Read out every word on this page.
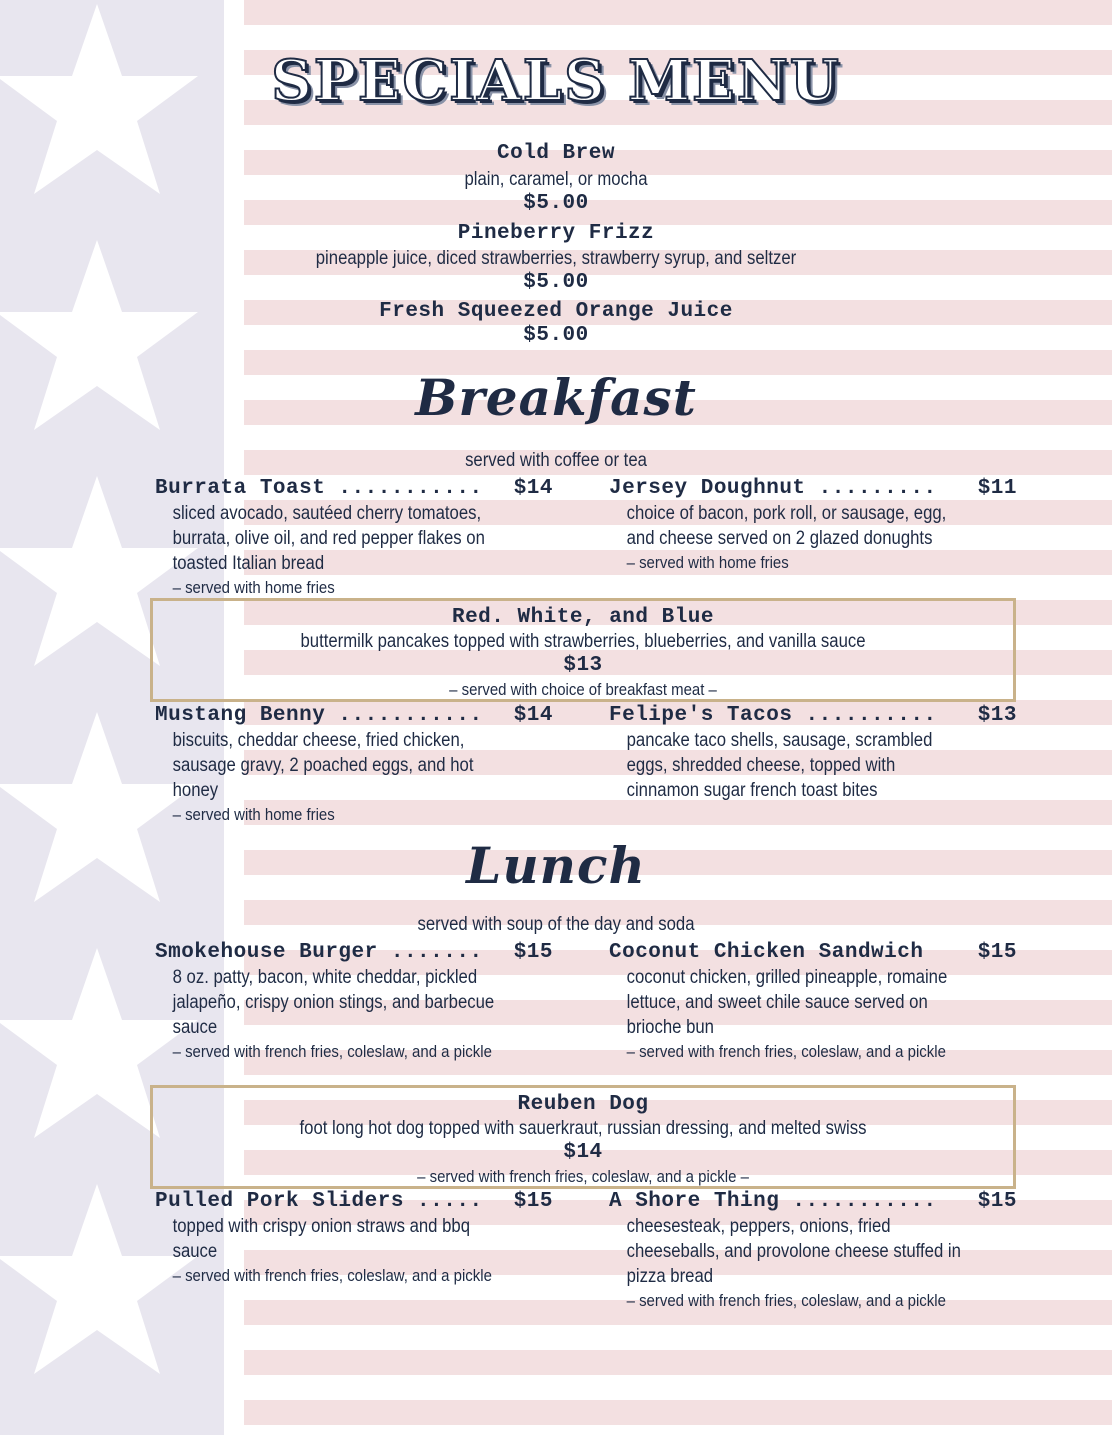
SPECIALS MENU
Cold Brew
plain, caramel, or mocha
$5.00
Pineberry Frizz
pineapple juice, diced strawberries, strawberry syrup, and seltzer
$5.00
Fresh Squeezed Orange Juice
$5.00
Breakfast
served with coffee or tea
Burrata Toast ........... $14
sliced avocado, sautéed cherry tomatoes, burrata, olive oil, and red pepper flakes on toasted Italian bread
– served with home fries
Jersey Doughnut ......... $11
choice of bacon, pork roll, or sausage, egg, and cheese served on 2 glazed donughts
– served with home fries
Red. White, and Blue
buttermilk pancakes topped with strawberries, blueberries, and vanilla sauce
$13
– served with choice of breakfast meat –
Mustang Benny ........... $14
biscuits, cheddar cheese, fried chicken, sausage gravy, 2 poached eggs, and hot honey
– served with home fries
Felipe's Tacos .......... $13
pancake taco shells, sausage, scrambled eggs, shredded cheese, topped with cinnamon sugar french toast bites
Lunch
served with soup of the day and soda
Smokehouse Burger ....... $15
8 oz. patty, bacon, white cheddar, pickled jalapeño, crispy onion stings, and barbecue sauce
– served with french fries, coleslaw, and a pickle
Coconut Chicken Sandwich	$15
coconut chicken, grilled pineapple, romaine lettuce, and sweet chile sauce served on brioche bun
– served with french fries, coleslaw, and a pickle
Reuben Dog
foot long hot dog topped with sauerkraut, russian dressing, and melted swiss
$14
– served with french fries, coleslaw, and a pickle –
Pulled Pork Sliders ..... $15
topped with crispy onion straws and bbq sauce
– served with french fries, coleslaw, and a pickle
A Shore Thing ........... $15
cheesesteak, peppers, onions, fried cheeseballs, and provolone cheese stuffed in pizza bread
– served with french fries, coleslaw, and a pickle
